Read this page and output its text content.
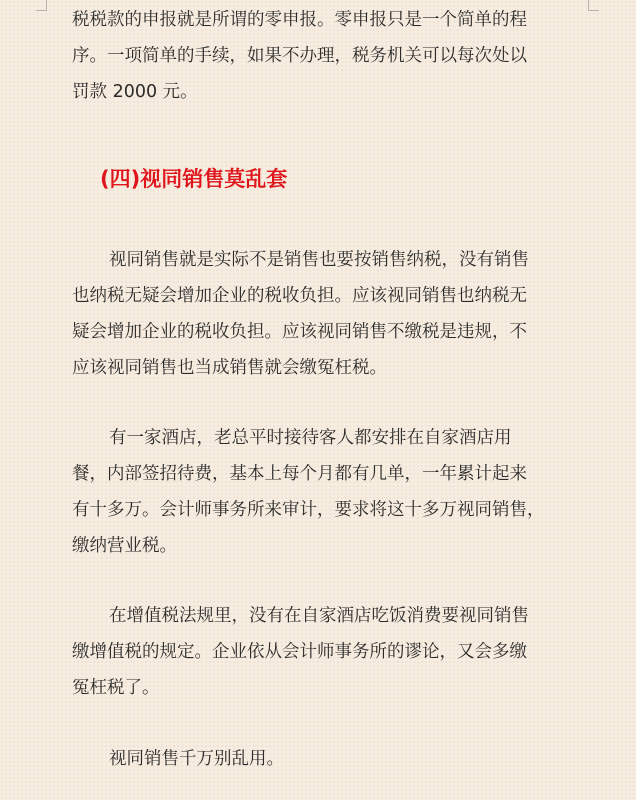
税税款的申报就是所谓的零申报。零申报只是一个简单的程
序。一项简单的手续，如果不办理，税务机关可以每次处以
罚款 2000 元。

(四)视同销售莫乱套

视同销售就是实际不是销售也要按销售纳税，没有销售
也纳税无疑会增加企业的税收负担。应该视同销售也纳税无
疑会增加企业的税收负担。应该视同销售不缴税是违规，不
应该视同销售也当成销售就会缴冤枉税。

有一家酒店，老总平时接待客人都安排在自家酒店用
餐，内部签招待费，基本上每个月都有几单，一年累计起来
有十多万。会计师事务所来审计，要求将这十多万视同销售，
缴纳营业税。

在增值税法规里，没有在自家酒店吃饭消费要视同销售
缴增值税的规定。企业依从会计师事务所的谬论，又会多缴
冤枉税了。

视同销售千万别乱用。
